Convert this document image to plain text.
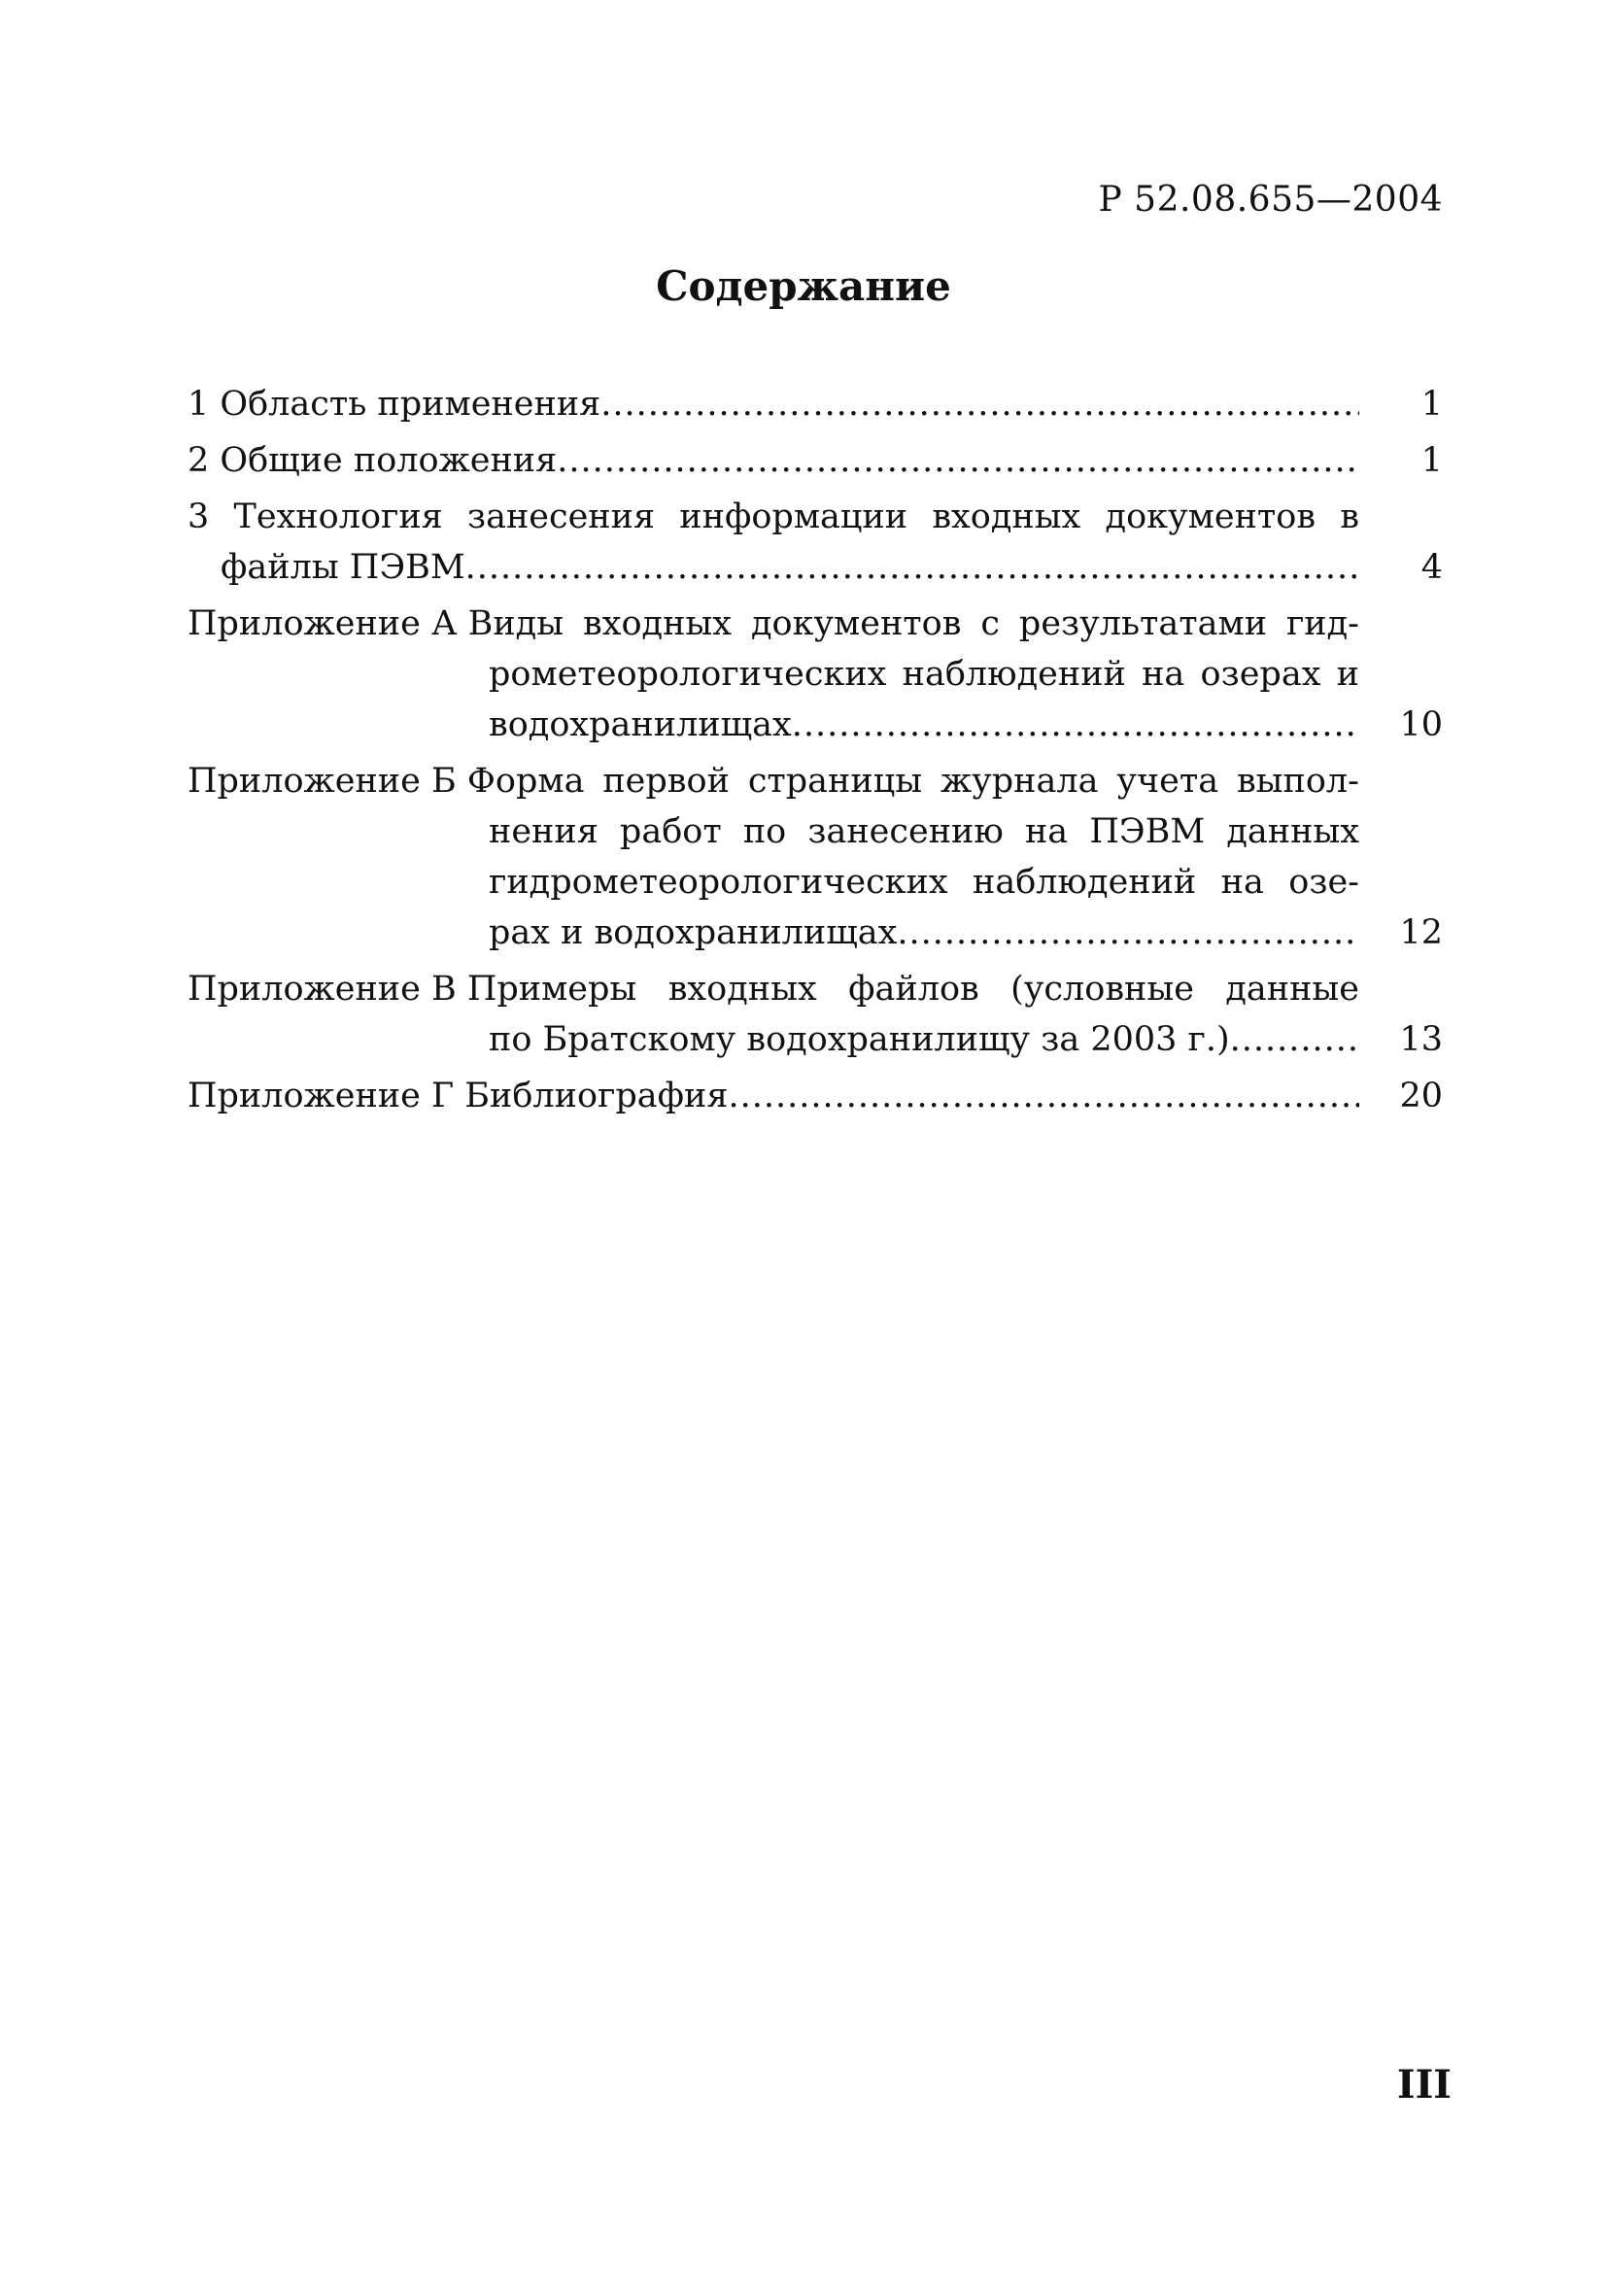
Р 52.08.655—2004
Содержание
1 Область применения .....	1
2 Общие положения .....	1
3 Технология занесения информации входных документов в
файлы ПЭВМ .....	4
Приложение А
Виды входных документов с результатами гид-
рометеорологических наблюдений на озерах и
водохранилищах .....	10
Приложение Б
Форма первой страницы журнала учета выпол-
нения работ по занесению на ПЭВМ данных
гидрометеорологических наблюдений на озе-
рах и водохранилищах .....	12
Приложение В
Примеры входных файлов (условные данные
по Братскому водохранилищу за 2003 г.) .....	13
Приложение Г
Библиография .....	20
III
